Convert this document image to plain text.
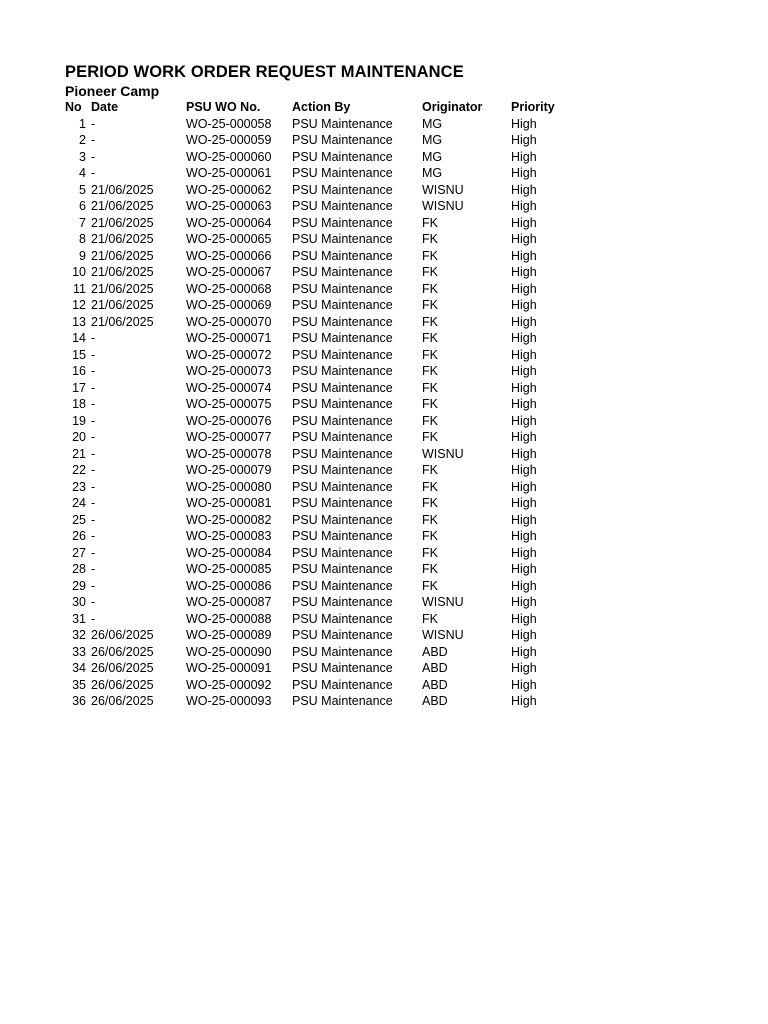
PERIOD WORK ORDER REQUEST MAINTENANCE
Pioneer Camp
No	Date	PSU WO No.	Action By	Originator	Priority
1	-	WO-25-000058	PSU Maintenance	MG	High
2	-	WO-25-000059	PSU Maintenance	MG	High
3	-	WO-25-000060	PSU Maintenance	MG	High
4	-	WO-25-000061	PSU Maintenance	MG	High
5	21/06/2025	WO-25-000062	PSU Maintenance	WISNU	High
6	21/06/2025	WO-25-000063	PSU Maintenance	WISNU	High
7	21/06/2025	WO-25-000064	PSU Maintenance	FK	High
8	21/06/2025	WO-25-000065	PSU Maintenance	FK	High
9	21/06/2025	WO-25-000066	PSU Maintenance	FK	High
10	21/06/2025	WO-25-000067	PSU Maintenance	FK	High
11	21/06/2025	WO-25-000068	PSU Maintenance	FK	High
12	21/06/2025	WO-25-000069	PSU Maintenance	FK	High
13	21/06/2025	WO-25-000070	PSU Maintenance	FK	High
14	-	WO-25-000071	PSU Maintenance	FK	High
15	-	WO-25-000072	PSU Maintenance	FK	High
16	-	WO-25-000073	PSU Maintenance	FK	High
17	-	WO-25-000074	PSU Maintenance	FK	High
18	-	WO-25-000075	PSU Maintenance	FK	High
19	-	WO-25-000076	PSU Maintenance	FK	High
20	-	WO-25-000077	PSU Maintenance	FK	High
21	-	WO-25-000078	PSU Maintenance	WISNU	High
22	-	WO-25-000079	PSU Maintenance	FK	High
23	-	WO-25-000080	PSU Maintenance	FK	High
24	-	WO-25-000081	PSU Maintenance	FK	High
25	-	WO-25-000082	PSU Maintenance	FK	High
26	-	WO-25-000083	PSU Maintenance	FK	High
27	-	WO-25-000084	PSU Maintenance	FK	High
28	-	WO-25-000085	PSU Maintenance	FK	High
29	-	WO-25-000086	PSU Maintenance	FK	High
30	-	WO-25-000087	PSU Maintenance	WISNU	High
31	-	WO-25-000088	PSU Maintenance	FK	High
32	26/06/2025	WO-25-000089	PSU Maintenance	WISNU	High
33	26/06/2025	WO-25-000090	PSU Maintenance	ABD	High
34	26/06/2025	WO-25-000091	PSU Maintenance	ABD	High
35	26/06/2025	WO-25-000092	PSU Maintenance	ABD	High
36	26/06/2025	WO-25-000093	PSU Maintenance	ABD	High
